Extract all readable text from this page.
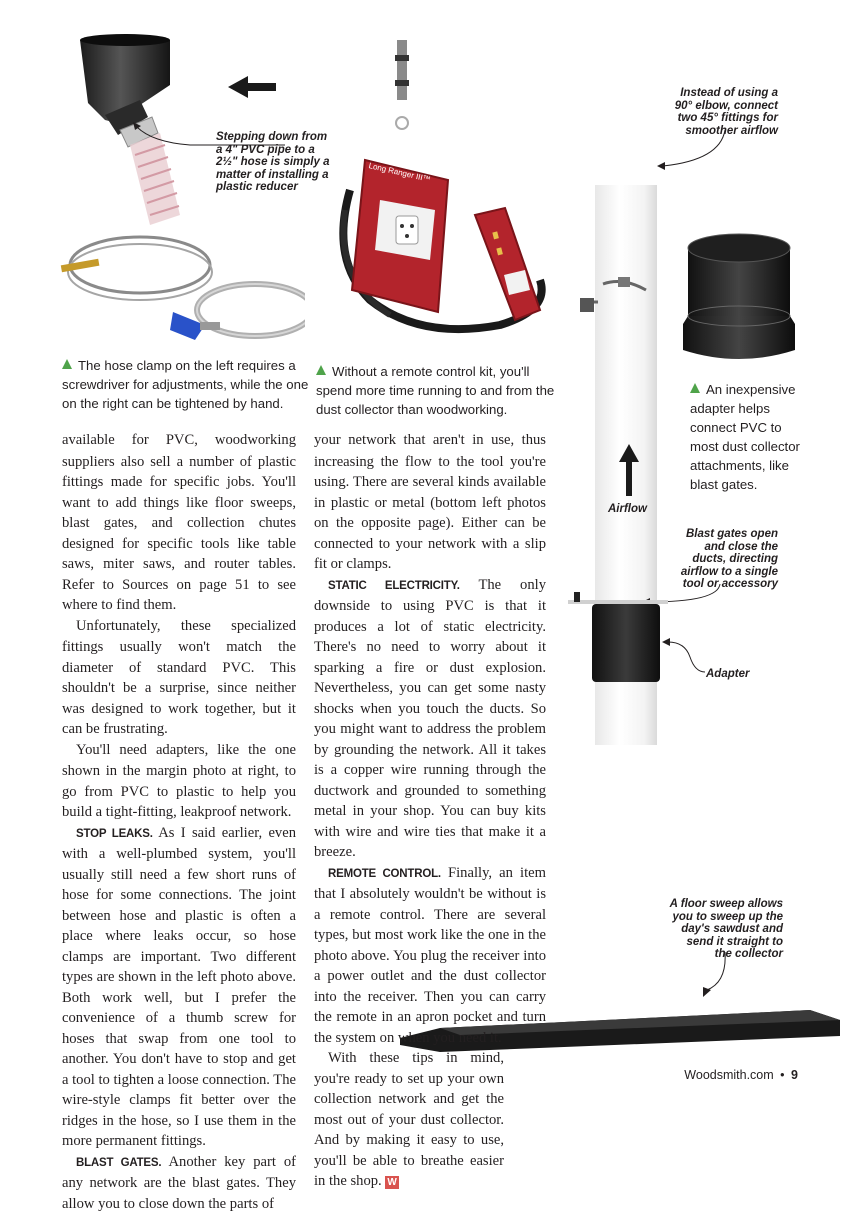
Stepping down from a 4" PVC pipe to a 2½" hose is simply a matter of installing a plastic reducer
The hose clamp on the left requires a screwdriver for adjustments, while the one on the right can be tightened by hand.
Long Ranger III™
Without a remote control kit, you'll spend more time running to and from the dust collector than woodworking.
Instead of using a 90° elbow, connect two 45° fittings for smoother airflow
An inexpensive adapter helps connect PVC to most dust collector attachments, like blast gates.
Airflow
Blast gates open and close the ducts, directing airflow to a single tool or accessory
Adapter
A floor sweep allows you to sweep up the day's sawdust and send it straight to the collector

available for PVC, woodworking suppliers also sell a number of plastic fittings made for specific jobs. You'll want to add things like floor sweeps, blast gates, and collection chutes designed for specific tools like table saws, miter saws, and router tables. Refer to Sources on page 51 to see where to find them.

Unfortunately, these specialized fittings usually won't match the diameter of standard PVC. This shouldn't be a surprise, since neither was designed to work together, but it can be frustrating.

You'll need adapters, like the one shown in the margin photo at right, to go from PVC to plastic to help you build a tight-fitting, leakproof network.

STOP LEAKS. As I said earlier, even with a well-plumbed system, you'll usually still need a few short runs of hose for some connections. The joint between hose and plastic is often a place where leaks occur, so hose clamps are important. Two different types are shown in the left photo above. Both work well, but I prefer the convenience of a thumb screw for hoses that swap from one tool to another. You don't have to stop and get a tool to tighten a loose connection. The wire-style clamps fit better over the ridges in the hose, so I use them in the more permanent fittings.

BLAST GATES. Another key part of any network are the blast gates. They allow you to close down the parts of

your network that aren't in use, thus increasing the flow to the tool you're using. There are several kinds available in plastic or metal (bottom left photos on the opposite page). Either can be connected to your network with a slip fit or clamps.

STATIC ELECTRICITY. The only downside to using PVC is that it produces a lot of static electricity. There's no need to worry about it sparking a fire or dust explosion. Nevertheless, you can get some nasty shocks when you touch the ducts. So you might want to address the problem by grounding the network. All it takes is a copper wire running through the ductwork and grounded to something metal in your shop. You can buy kits with wire and wire ties that make it a breeze.

REMOTE CONTROL. Finally, an item that I absolutely wouldn't be without is a remote control. There are several types, but most work like the one in the photo above. You plug the receiver into a power outlet and the dust collector into the receiver. Then you can carry the remote in an apron pocket and turn the system on when you need it.

With these tips in mind, you're ready to set up your own collection network and get the most out of your dust collector. And by making it easy to use, you'll be able to breathe easier in the shop. W

Woodsmith.com • 9
